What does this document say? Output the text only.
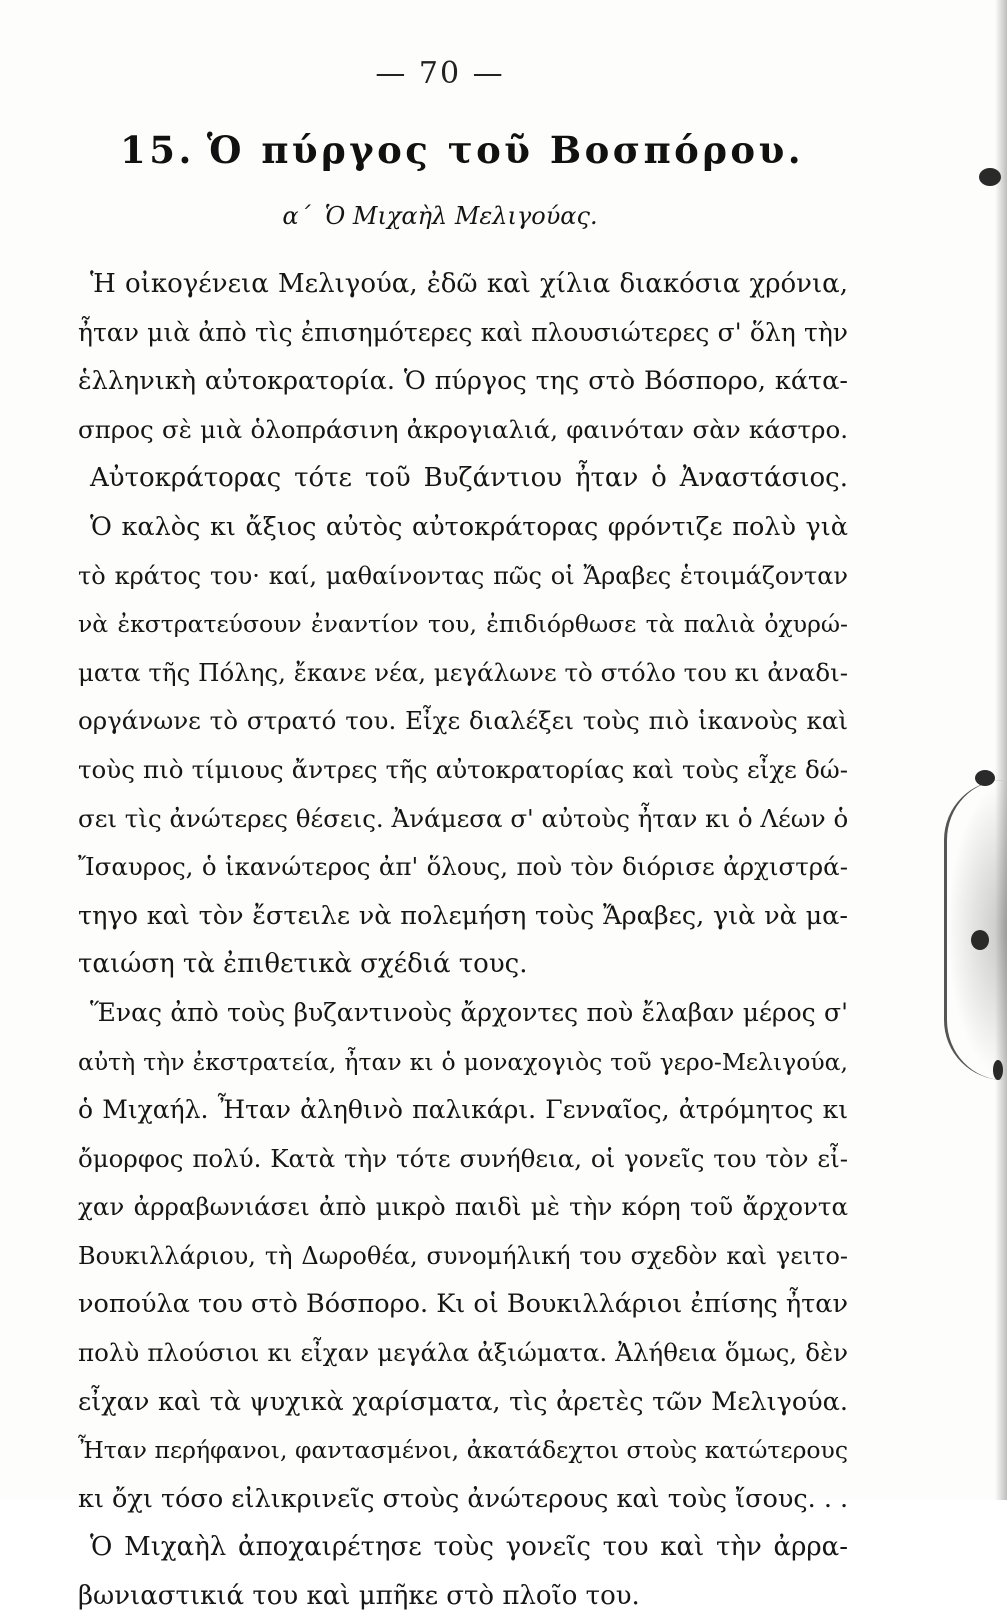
— 70 —
15. Ὁ πύργος τοῦ Βοσπόρου.
α΄ Ὁ Μιχαὴλ Μελιγούας.
Ἡ οἰκογένεια Μελιγούα, ἐδῶ καὶ χίλια διακόσια χρόνια,
ἦταν μιὰ ἀπὸ τὶς ἐπισημότερες καὶ πλουσιώτερες σ' ὅλη τὴν
ἑλληνικὴ αὐτοκρατορία. Ὁ πύργος της στὸ Βόσπορο, κάτα-
σπρος σὲ μιὰ ὁλοπράσινη ἀκρογιαλιά, φαινόταν σὰν κάστρο.
Αὐτοκράτορας τότε τοῦ Βυζάντιου ἦταν ὁ Ἀναστάσιος.
Ὁ καλὸς κι ἄξιος αὐτὸς αὐτοκράτορας φρόντιζε πολὺ γιὰ
τὸ κράτος του· καί, μαθαίνοντας πῶς οἱ Ἄραβες ἑτοιμάζονταν
νὰ ἐκστρατεύσουν ἐναντίον του, ἐπιδιόρθωσε τὰ παλιὰ ὀχυρώ-
ματα τῆς Πόλης, ἔκανε νέα, μεγάλωνε τὸ στόλο του κι ἀναδι-
οργάνωνε τὸ στρατό του. Εἶχε διαλέξει τοὺς πιὸ ἱκανοὺς καὶ
τοὺς πιὸ τίμιους ἄντρες τῆς αὐτοκρατορίας καὶ τοὺς εἶχε δώ-
σει τὶς ἀνώτερες θέσεις. Ἀνάμεσα σ' αὐτοὺς ἦταν κι ὁ Λέων ὁ
Ἴσαυρος, ὁ ἱκανώτερος ἀπ' ὅλους, ποὺ τὸν διόρισε ἀρχιστρά-
τηγο καὶ τὸν ἔστειλε νὰ πολεμήση τοὺς Ἄραβες, γιὰ νὰ μα-
ταιώση τὰ ἐπιθετικὰ σχέδιά τους.
Ἕνας ἀπὸ τοὺς βυζαντινοὺς ἄρχοντες ποὺ ἔλαβαν μέρος σ'
αὐτὴ τὴν ἐκστρατεία, ἦταν κι ὁ μοναχογιὸς τοῦ γερο-Μελιγούα,
ὁ Μιχαήλ. Ἦταν ἀληθινὸ παλικάρι. Γενναῖος, ἀτρόμητος κι
ὄμορφος πολύ. Κατὰ τὴν τότε συνήθεια, οἱ γονεῖς του τὸν εἶ-
χαν ἀρραβωνιάσει ἀπὸ μικρὸ παιδὶ μὲ τὴν κόρη τοῦ ἄρχοντα
Βουκιλλάριου, τὴ Δωροθέα, συνομήλική του σχεδὸν καὶ γειτο-
νοπούλα του στὸ Βόσπορο. Κι οἱ Βουκιλλάριοι ἐπίσης ἦταν
πολὺ πλούσιοι κι εἶχαν μεγάλα ἀξιώματα. Ἀλήθεια ὅμως, δὲν
εἶχαν καὶ τὰ ψυχικὰ χαρίσματα, τὶς ἀρετὲς τῶν Μελιγούα.
Ἦταν περήφανοι, φαντασμένοι, ἀκατάδεχτοι στοὺς κατώτερους
κι ὄχι τόσο εἰλικρινεῖς στοὺς ἀνώτερους καὶ τοὺς ἴσους. . .
Ὁ Μιχαὴλ ἀποχαιρέτησε τοὺς γονεῖς του καὶ τὴν ἀρρα-
βωνιαστικιά του καὶ μπῆκε στὸ πλοῖο του.
